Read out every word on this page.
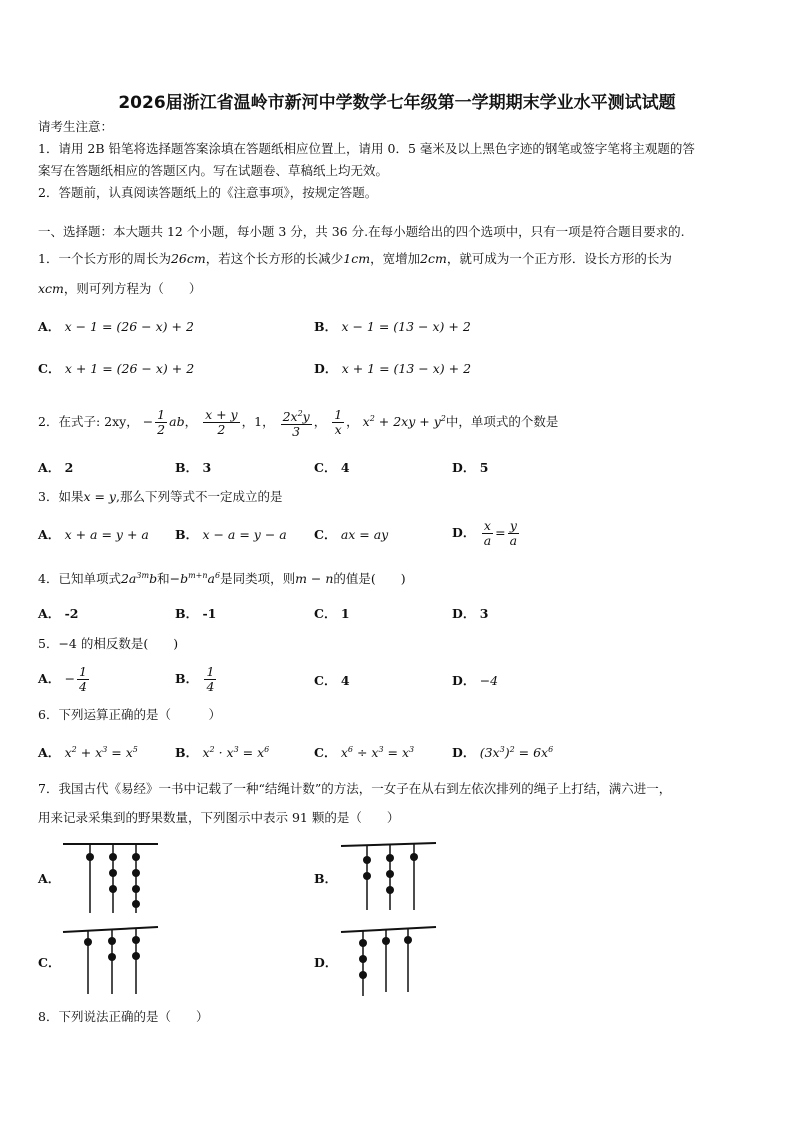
2026届浙江省温岭市新河中学数学七年级第一学期期末学业水平测试试题
请考生注意：
1．请用 2B 铅笔将选择题答案涂填在答题纸相应位置上，请用 0．5 毫米及以上黑色字迹的钢笔或签字笔将主观题的答
案写在答题纸相应的答题区内。写在试题卷、草稿纸上均无效。
2．答题前，认真阅读答题纸上的《注意事项》，按规定答题。
一、选择题：本大题共 12 个小题，每小题 3 分，共 36 分.在每小题给出的四个选项中，只有一项是符合题目要求的.
1．一个长方形的周长为26cm，若这个长方形的长减少1cm，宽增加2cm，就可成为一个正方形．设长方形的长为
xcm，则可列方程为（　　）
A． x − 1 = (26 − x) + 2	B． x − 1 = (13 − x) + 2
C． x + 1 = (26 − x) + 2	D． x + 1 = (13 − x) + 2
2．在式子: 2xy， − $\frac{1}{2}$ ab， $\frac{x + y}{2}$ ，1， $\frac{2x^2y}{3}$ ， $\frac{1}{x}$ ， $x^2 + 2xy + y^2$中，单项式的个数是
A． 2	B． 3	C． 4	D． 5
3．如果x = y,那么下列等式不一定成立的是
A． x + a = y + a B． x − a = y − a C． ax = ay	D． $\frac{x}{a} = \frac{y}{a}$
4．已知单项式$2a^{3m}b$和$-b^{m+n}a^6$是同类项，则m − n的值是(　　)
A． -2	B． -1	C． 1	D． 3
5．−4 的相反数是(　　)
A． − $\frac{1}{4}$	B． $\frac{1}{4}$	C． 4	D． −4
6．下列运算正确的是（　　　）
A． $x^2 + x^3 = x^5$	B． $x^2 \cdot x^3 = x^6$	C． $x^6 \div x^3 = x^3$	D． $(3x^3)^2 = 6x^6$
7．我国古代《易经》一书中记载了一种“结绳计数”的方法，一女子在从右到左依次排列的绳子上打结，满六进一，
用来记录采集到的野果数量，下列图示中表示 91 颗的是（　　）
A．	B．
C．	D．
8．下列说法正确的是（　　）
